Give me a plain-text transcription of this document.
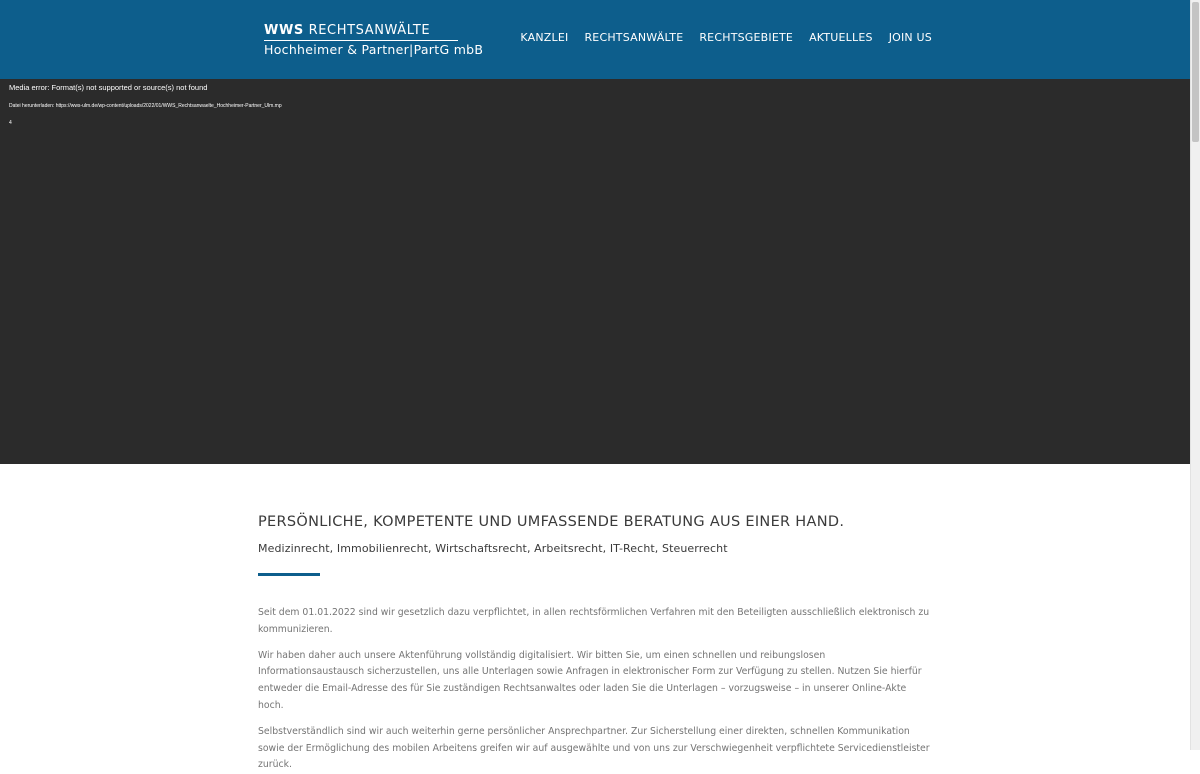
WWS RECHTSANWÄLTE
Hochheimer & Partner|PartG mbB
KANZLEI RECHTSANWÄLTE RECHTSGEBIETE AKTUELLES JOIN US
Media error: Format(s) not supported or source(s) not found
Datei herunterladen: https://wws-ulm.de/wp-content/uploads/2022/01/WWS_Rechtsanwaelte_Hochheimer-Partner_Ulm.mp4
PERSÖNLICHE, KOMPETENTE UND UMFASSENDE BERATUNG AUS EINER HAND.

Medizinrecht, Immobilienrecht, Wirtschaftsrecht, Arbeitsrecht, IT-Recht, Steuerrecht

Seit dem 01.01.2022 sind wir gesetzlich dazu verpflichtet, in allen rechtsförmlichen Verfahren mit den Beteiligten ausschließlich elektronisch zu kommunizieren.

Wir haben daher auch unsere Aktenführung vollständig digitalisiert. Wir bitten Sie, um einen schnellen und reibungslosen Informationsaustausch sicherzustellen, uns alle Unterlagen sowie Anfragen in elektronischer Form zur Verfügung zu stellen. Nutzen Sie hierfür entweder die Email-Adresse des für Sie zuständigen Rechtsanwaltes oder laden Sie die Unterlagen – vorzugsweise – in unserer Online-Akte hoch.

Selbstverständlich sind wir auch weiterhin gerne persönlicher Ansprechpartner. Zur Sicherstellung einer direkten, schnellen Kommunikation sowie der Ermöglichung des mobilen Arbeitens greifen wir auf ausgewählte und von uns zur Verschwiegenheit verpflichtete Servicedienstleister zurück.
